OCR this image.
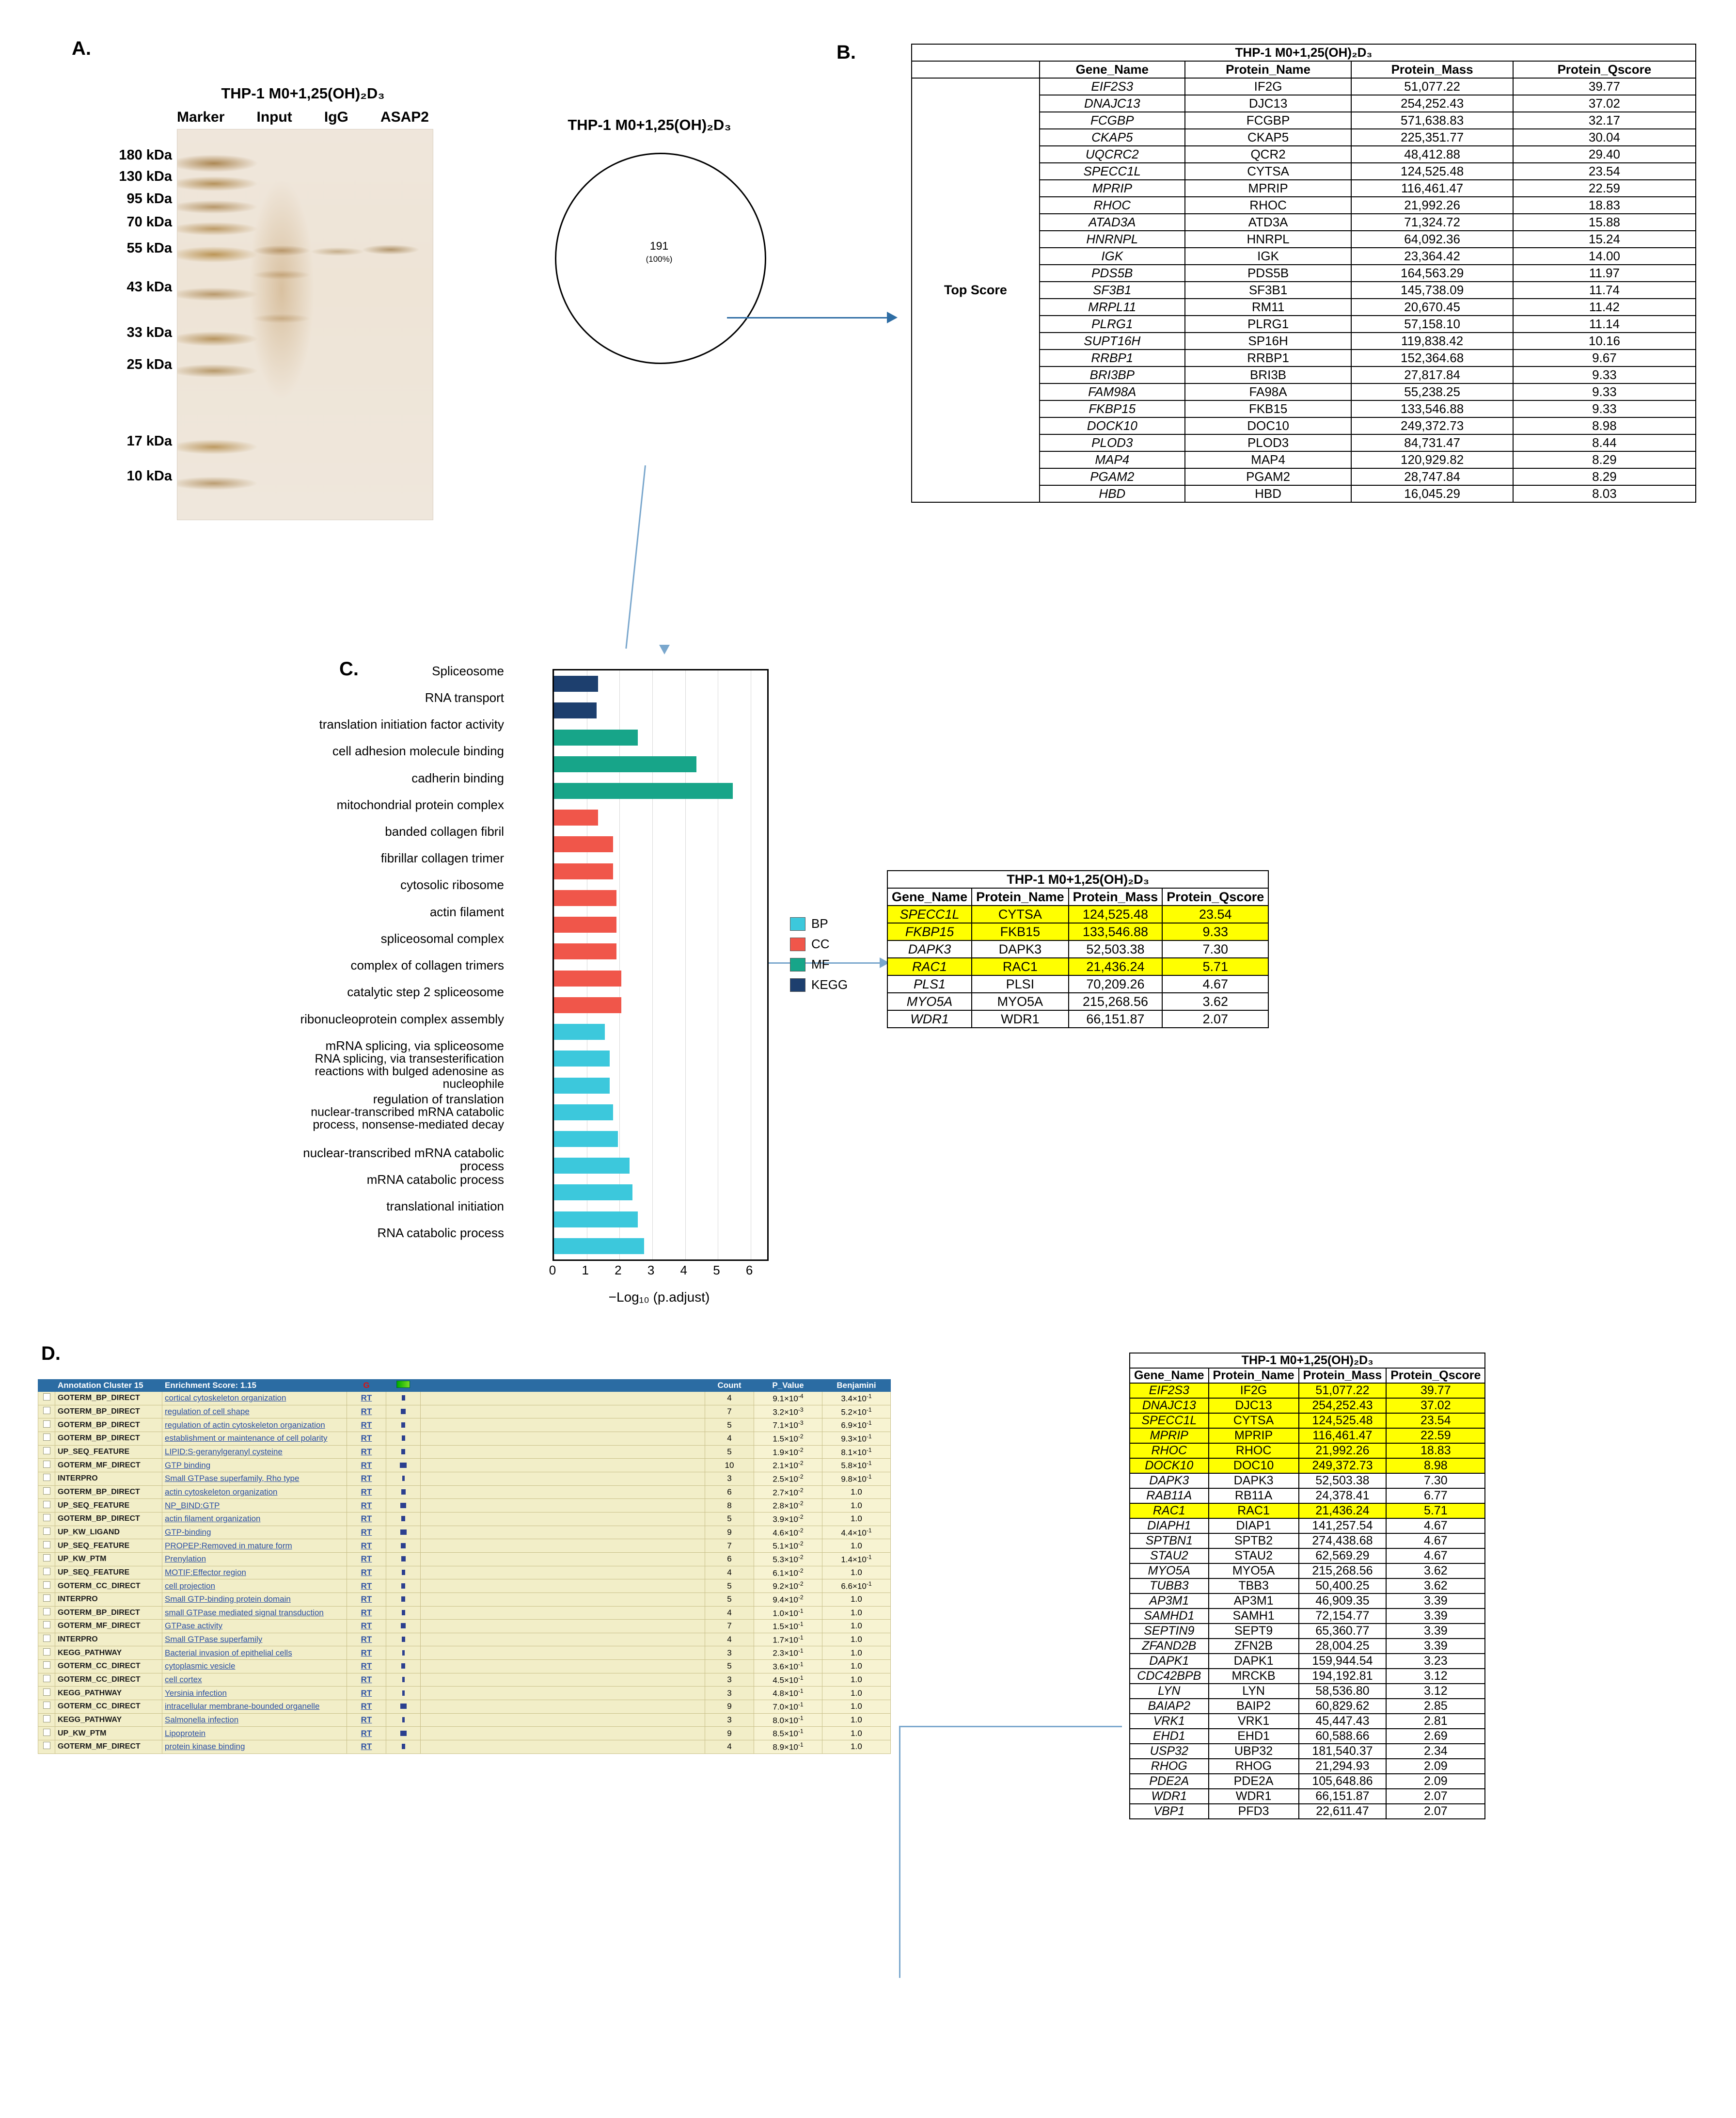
A.	B.
C.
D.
THP-1 M0+1,25(OH)₂D₃
Marker Input IgG ASAP2
180 kDa
130 kDa
95 kDa
70 kDa
55 kDa
43 kDa
33 kDa
25 kDa
17 kDa
10 kDa
THP-1 M0+1,25(OH)₂D₃
191
(100%)
THP-1 M0+1,25(OH)₂D₃				
	Gene_Name	Protein_Name	Protein_Mass	Protein_Qscore
Top Score	EIF2S3	IF2G	51,077.22	39.77
	DNAJC13	DJC13	254,252.43	37.02
	FCGBP	FCGBP	571,638.83	32.17
	CKAP5	CKAP5	225,351.77	30.04
	UQCRC2	QCR2	48,412.88	29.40
	SPECC1L	CYTSA	124,525.48	23.54
	MPRIP	MPRIP	116,461.47	22.59
	RHOC	RHOC	21,992.26	18.83
	ATAD3A	ATD3A	71,324.72	15.88
	HNRNPL	HNRPL	64,092.36	15.24
	IGK	IGK	23,364.42	14.00
	PDS5B	PDS5B	164,563.29	11.97
	SF3B1	SF3B1	145,738.09	11.74
	MRPL11	RM11	20,670.45	11.42
	PLRG1	PLRG1	57,158.10	11.14
	SUPT16H	SP16H	119,838.42	10.16
	RRBP1	RRBP1	152,364.68	9.67
	BRI3BP	BRI3B	27,817.84	9.33
	FAM98A	FA98A	55,238.25	9.33
	FKBP15	FKB15	133,546.88	9.33
	DOCK10	DOC10	249,372.73	8.98
	PLOD3	PLOD3	84,731.47	8.44
	MAP4	MAP4	120,929.82	8.29
	PGAM2	PGAM2	28,747.84	8.29
	HBD	HBD	16,045.29	8.03
Spliceosome
RNA transport
translation initiation factor activity
cell adhesion molecule binding
cadherin binding
mitochondrial protein complex
banded collagen fibril
fibrillar collagen trimer
cytosolic ribosome
actin filament
spliceosomal complex
complex of collagen trimers
catalytic step 2 spliceosome
ribonucleoprotein complex assembly
mRNA splicing, via spliceosome
RNA splicing, via transesterification reactions with bulged adenosine as nucleophile
regulation of translation
nuclear-transcribed mRNA catabolic process, nonsense-mediated decay
nuclear-transcribed mRNA catabolic process
mRNA catabolic process
translational initiation
RNA catabolic process
−Log₁₀ (p.adjust)
BP
CC
MF
KEGG
0 1 2 3 4 5 6
THP-1 M0+1,25(OH)₂D₃			
Gene_Name	Protein_Name	Protein_Mass	Protein_Qscore
SPECC1L	CYTSA	124,525.48	23.54
FKBP15	FKB15	133,546.88	9.33
DAPK3	DAPK3	52,503.38	7.30
RAC1	RAC1	21,436.24	5.71
PLS1	PLSI	70,209.26	4.67
MYO5A	MYO5A	215,268.56	3.62
WDR1	WDR1	66,151.87	2.07
THP-1 M0+1,25(OH)₂D₃			
Gene_Name	Protein_Name	Protein_Mass	Protein_Qscore
EIF2S3	IF2G	51,077.22	39.77
DNAJC13	DJC13	254,252.43	37.02
SPECC1L	CYTSA	124,525.48	23.54
MPRIP	MPRIP	116,461.47	22.59
RHOC	RHOC	21,992.26	18.83
DOCK10	DOC10	249,372.73	8.98
DAPK3	DAPK3	52,503.38	7.30
RAB11A	RB11A	24,378.41	6.77
RAC1	RAC1	21,436.24	5.71
DIAPH1	DIAP1	141,257.54	4.67
SPTBN1	SPTB2	274,438.68	4.67
STAU2	STAU2	62,569.29	4.67
MYO5A	MYO5A	215,268.56	3.62
TUBB3	TBB3	50,400.25	3.62
AP3M1	AP3M1	46,909.35	3.39
SAMHD1	SAMH1	72,154.77	3.39
SEPTIN9	SEPT9	65,360.77	3.39
ZFAND2B	ZFN2B	28,004.25	3.39
DAPK1	DAPK1	159,944.54	3.23
CDC42BPB	MRCKB	194,192.81	3.12
LYN	LYN	58,536.80	3.12
BAIAP2	BAIP2	60,829.62	2.85
VRK1	VRK1	45,447.43	2.81
EHD1	EHD1	60,588.66	2.69
USP32	UBP32	181,540.37	2.34
RHOG	RHOG	21,294.93	2.09
PDE2A	PDE2A	105,648.86	2.09
WDR1	WDR1	66,151.87	2.07
VBP1	PFD3	22,611.47	2.07
	Annotation Cluster 15	Enrichment Score: 1.15	G			Count	P_Value	Benjamini
	GOTERM_BP_DIRECT	cortical cytoskeleton organization	RT			4	$9.1\times 10^{-4}$	$3.4\times 10^{-1}$
	GOTERM_BP_DIRECT	regulation of cell shape	RT			7	$3.2\times 10^{-3}$	$5.2\times 10^{-1}$
	GOTERM_BP_DIRECT	regulation of actin cytoskeleton organization	RT			5	$7.1\times 10^{-3}$	$6.9\times 10^{-1}$
	GOTERM_BP_DIRECT	establishment or maintenance of cell polarity	RT			4	$1.5\times 10^{-2}$	$9.3\times 10^{-1}$
	UP_SEQ_FEATURE	LIPID:S-geranylgeranyl cysteine	RT			5	$1.9\times 10^{-2}$	$8.1\times 10^{-1}$
	GOTERM_MF_DIRECT	GTP binding	RT			10	$2.1\times 10^{-2}$	$5.8\times 10^{-1}$
	INTERPRO	Small GTPase superfamily, Rho type	RT			3	$2.5\times 10^{-2}$	$9.8\times 10^{-1}$
	GOTERM_BP_DIRECT	actin cytoskeleton organization	RT			6	$2.7\times 10^{-2}$	1.0
	UP_SEQ_FEATURE	NP_BIND:GTP	RT			8	$2.8\times 10^{-2}$	1.0
	GOTERM_BP_DIRECT	actin filament organization	RT			5	$3.9\times 10^{-2}$	1.0
	UP_KW_LIGAND	GTP-binding	RT			9	$4.6\times 10^{-2}$	$4.4\times 10^{-1}$
	UP_SEQ_FEATURE	PROPEP:Removed in mature form	RT			7	$5.1\times 10^{-2}$	1.0
	UP_KW_PTM	Prenylation	RT			6	$5.3\times 10^{-2}$	$1.4\times 10^{-1}$
	UP_SEQ_FEATURE	MOTIF:Effector region	RT			4	$6.1\times 10^{-2}$	1.0
	GOTERM_CC_DIRECT	cell projection	RT			5	$9.2\times 10^{-2}$	$6.6\times 10^{-1}$
	INTERPRO	Small GTP-binding protein domain	RT			5	$9.4\times 10^{-2}$	1.0
	GOTERM_BP_DIRECT	small GTPase mediated signal transduction	RT			4	$1.0\times 10^{-1}$	1.0
	GOTERM_MF_DIRECT	GTPase activity	RT			7	$1.5\times 10^{-1}$	1.0
	INTERPRO	Small GTPase superfamily	RT			4	$1.7\times 10^{-1}$	1.0
	KEGG_PATHWAY	Bacterial invasion of epithelial cells	RT			3	$2.3\times 10^{-1}$	1.0
	GOTERM_CC_DIRECT	cytoplasmic vesicle	RT			5	$3.6\times 10^{-1}$	1.0
	GOTERM_CC_DIRECT	cell cortex	RT			3	$4.5\times 10^{-1}$	1.0
	KEGG_PATHWAY	Yersinia infection	RT			3	$4.8\times 10^{-1}$	1.0
	GOTERM_CC_DIRECT	intracellular membrane-bounded organelle	RT			9	$7.0\times 10^{-1}$	1.0
	KEGG_PATHWAY	Salmonella infection	RT			3	$8.0\times 10^{-1}$	1.0
	UP_KW_PTM	Lipoprotein	RT			9	$8.5\times 10^{-1}$	1.0
	GOTERM_MF_DIRECT	protein kinase binding	RT			4	$8.9\times 10^{-1}$	1.0
